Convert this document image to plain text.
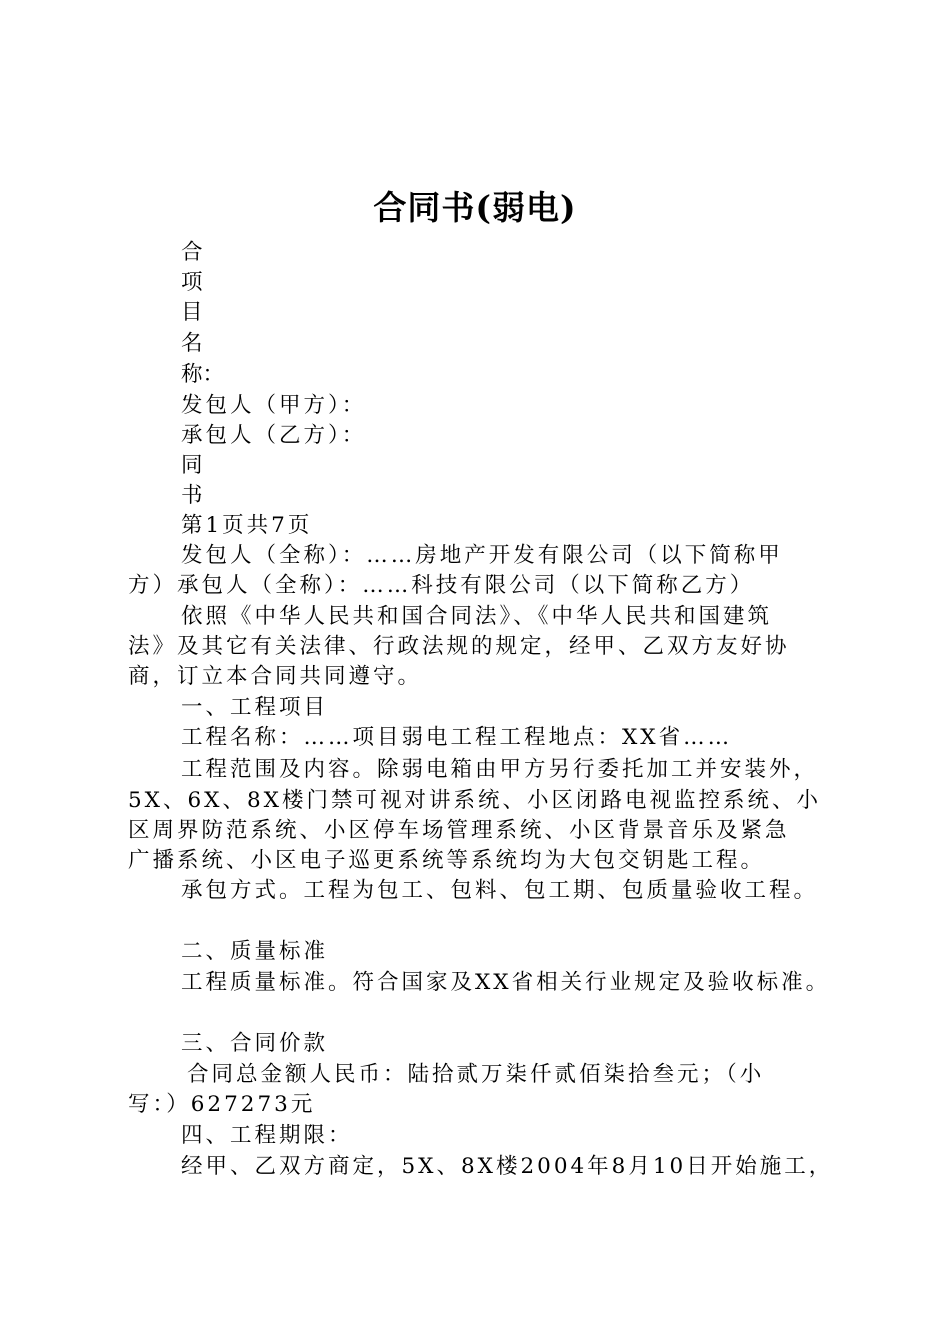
合同书(弱电)
合
项
目
名
称：
发包人（甲方）：
承包人（乙方）：
同
书
第1页共7页
发包人（全称）：……房地产开发有限公司（以下简称甲
方）承包人（全称）：……科技有限公司（以下简称乙方）
依照《中华人民共和国合同法》、《中华人民共和国建筑
法》及其它有关法律、行政法规的规定，经甲、乙双方友好协
商，订立本合同共同遵守。
一、工程项目
工程名称：……项目弱电工程工程地点：XX省……
工程范围及内容。除弱电箱由甲方另行委托加工并安装外，
5X、6X、8X楼门禁可视对讲系统、小区闭路电视监控系统、小
区周界防范系统、小区停车场管理系统、小区背景音乐及紧急
广播系统、小区电子巡更系统等系统均为大包交钥匙工程。
承包方式。工程为包工、包料、包工期、包质量验收工程。
二、质量标准
工程质量标准。符合国家及XX省相关行业规定及验收标准。
三、合同价款
合同总金额人民币：陆拾贰万柒仟贰佰柒拾叁元；（小
写：）627273元
四、工程期限：
经甲、乙双方商定，5X、8X楼2004年8月10日开始施工，
